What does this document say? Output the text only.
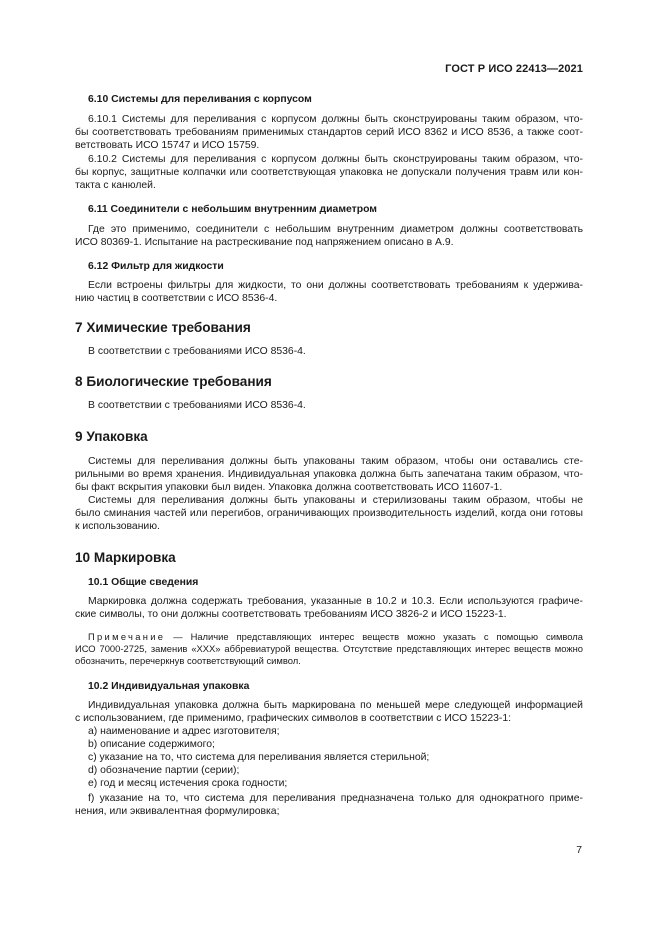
ГОСТ Р ИСО 22413—2021
7
6.10 Системы для переливания с корпусом
6.10.1 Системы для переливания с корпусом должны быть сконструированы таким образом, что-
бы соответствовать требованиям применимых стандартов серий ИСО 8362 и ИСО 8536, а также соот-
ветствовать ИСО 15747 и ИСО 15759.
6.10.2 Системы для переливания с корпусом должны быть сконструированы таким образом, что-
бы корпус, защитные колпачки или соответствующая упаковка не допускали получения травм или кон-
такта с канюлей.
6.11 Соединители с небольшим внутренним диаметром
Где это применимо, соединители с небольшим внутренним диаметром должны соответствовать
ИСО 80369-1. Испытание на растрескивание под напряжением описано в А.9.
6.12 Фильтр для жидкости
Если встроены фильтры для жидкости, то они должны соответствовать требованиям к удержива-
нию частиц в соответствии с ИСО 8536-4.
7 Химические требования
В соответствии с требованиями ИСО 8536-4.
8 Биологические требования
В соответствии с требованиями ИСО 8536-4.
9 Упаковка
Системы для переливания должны быть упакованы таким образом, чтобы они оставались сте-
рильными во время хранения. Индивидуальная упаковка должна быть запечатана таким образом, что-
бы факт вскрытия упаковки был виден. Упаковка должна соответствовать ИСО 11607-1.
Системы для переливания должны быть упакованы и стерилизованы таким образом, чтобы не
было сминания частей или перегибов, ограничивающих производительность изделий, когда они готовы
к использованию.
10 Маркировка
10.1 Общие сведения
Маркировка должна содержать требования, указанные в 10.2 и 10.3. Если используются графиче-
ские символы, то они должны соответствовать требованиям ИСО 3826-2 и ИСО 15223-1.
Примечание — Наличие представляющих интерес веществ можно указать с помощью символа
ИСО 7000-2725, заменив «XXX» аббревиатурой вещества. Отсутствие представляющих интерес веществ можно
обозначить, перечеркнув соответствующий символ.
10.2 Индивидуальная упаковка
Индивидуальная упаковка должна быть маркирована по меньшей мере следующей информацией
с использованием, где применимо, графических символов в соответствии с ИСО 15223-1:
a) наименование и адрес изготовителя;
b) описание содержимого;
c) указание на то, что система для переливания является стерильной;
d) обозначение партии (серии);
e) год и месяц истечения срока годности;
f) указание на то, что система для переливания предназначена только для однократного приме-
нения, или эквивалентная формулировка;
